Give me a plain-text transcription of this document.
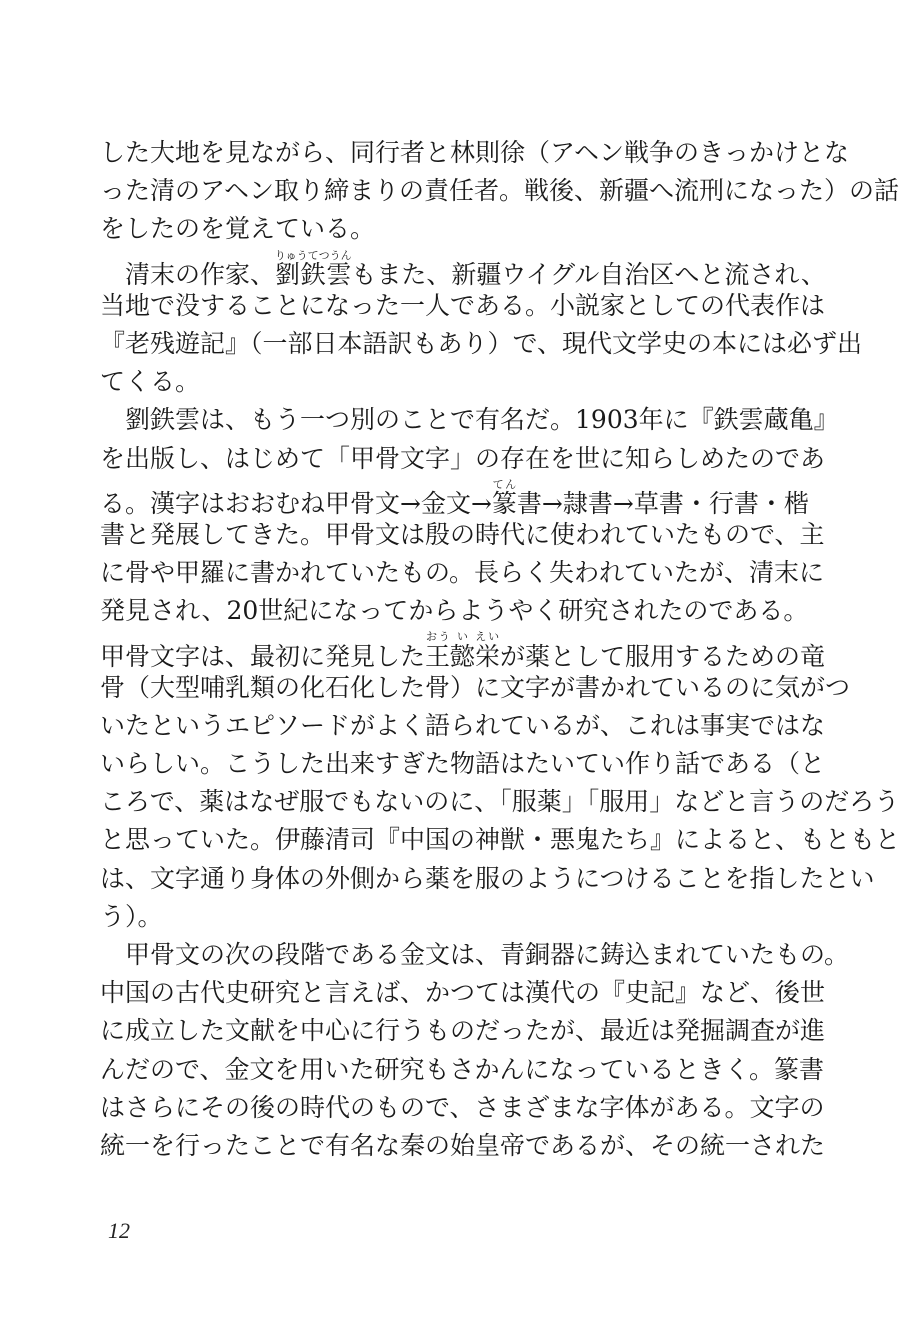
した大地を見ながら、同行者と林則徐（アヘン戦争のきっかけとな
った清のアヘン取り締まりの責任者。戦後、新疆へ流刑になった）の話
をしたのを覚えている。
清末の作家、劉鉄雲りゅうてつうんもまた、新疆ウイグル自治区へと流され、
当地で没することになった一人である。小説家としての代表作は
『老残遊記』（一部日本語訳もあり）で、現代文学史の本には必ず出
てくる。
劉鉄雲は、もう一つ別のことで有名だ。1903年に『鉄雲蔵亀』
を出版し、はじめて「甲骨文字」の存在を世に知らしめたのであ
る。漢字はおおむね甲骨文→金文→篆てん書→隷書→草書・行書・楷
書と発展してきた。甲骨文は殷の時代に使われていたもので、主
に骨や甲羅に書かれていたもの。長らく失われていたが、清末に
発見され、20世紀になってからようやく研究されたのである。
甲骨文字は、最初に発見した王懿栄おう い えいが薬として服用するための竜
骨（大型哺乳類の化石化した骨）に文字が書かれているのに気がつ
いたというエピソードがよく語られているが、これは事実ではな
いらしい。こうした出来すぎた物語はたいてい作り話である（と
ころで、薬はなぜ服でもないのに、「服薬」「服用」などと言うのだろう
と思っていた。伊藤清司『中国の神獣・悪鬼たち』によると、もともと
は、文字通り身体の外側から薬を服のようにつけることを指したとい
う）。
甲骨文の次の段階である金文は、青銅器に鋳込まれていたもの。
中国の古代史研究と言えば、かつては漢代の『史記』など、後世
に成立した文献を中心に行うものだったが、最近は発掘調査が進
んだので、金文を用いた研究もさかんになっているときく。篆書
はさらにその後の時代のもので、さまざまな字体がある。文字の
統一を行ったことで有名な秦の始皇帝であるが、その統一された
12
